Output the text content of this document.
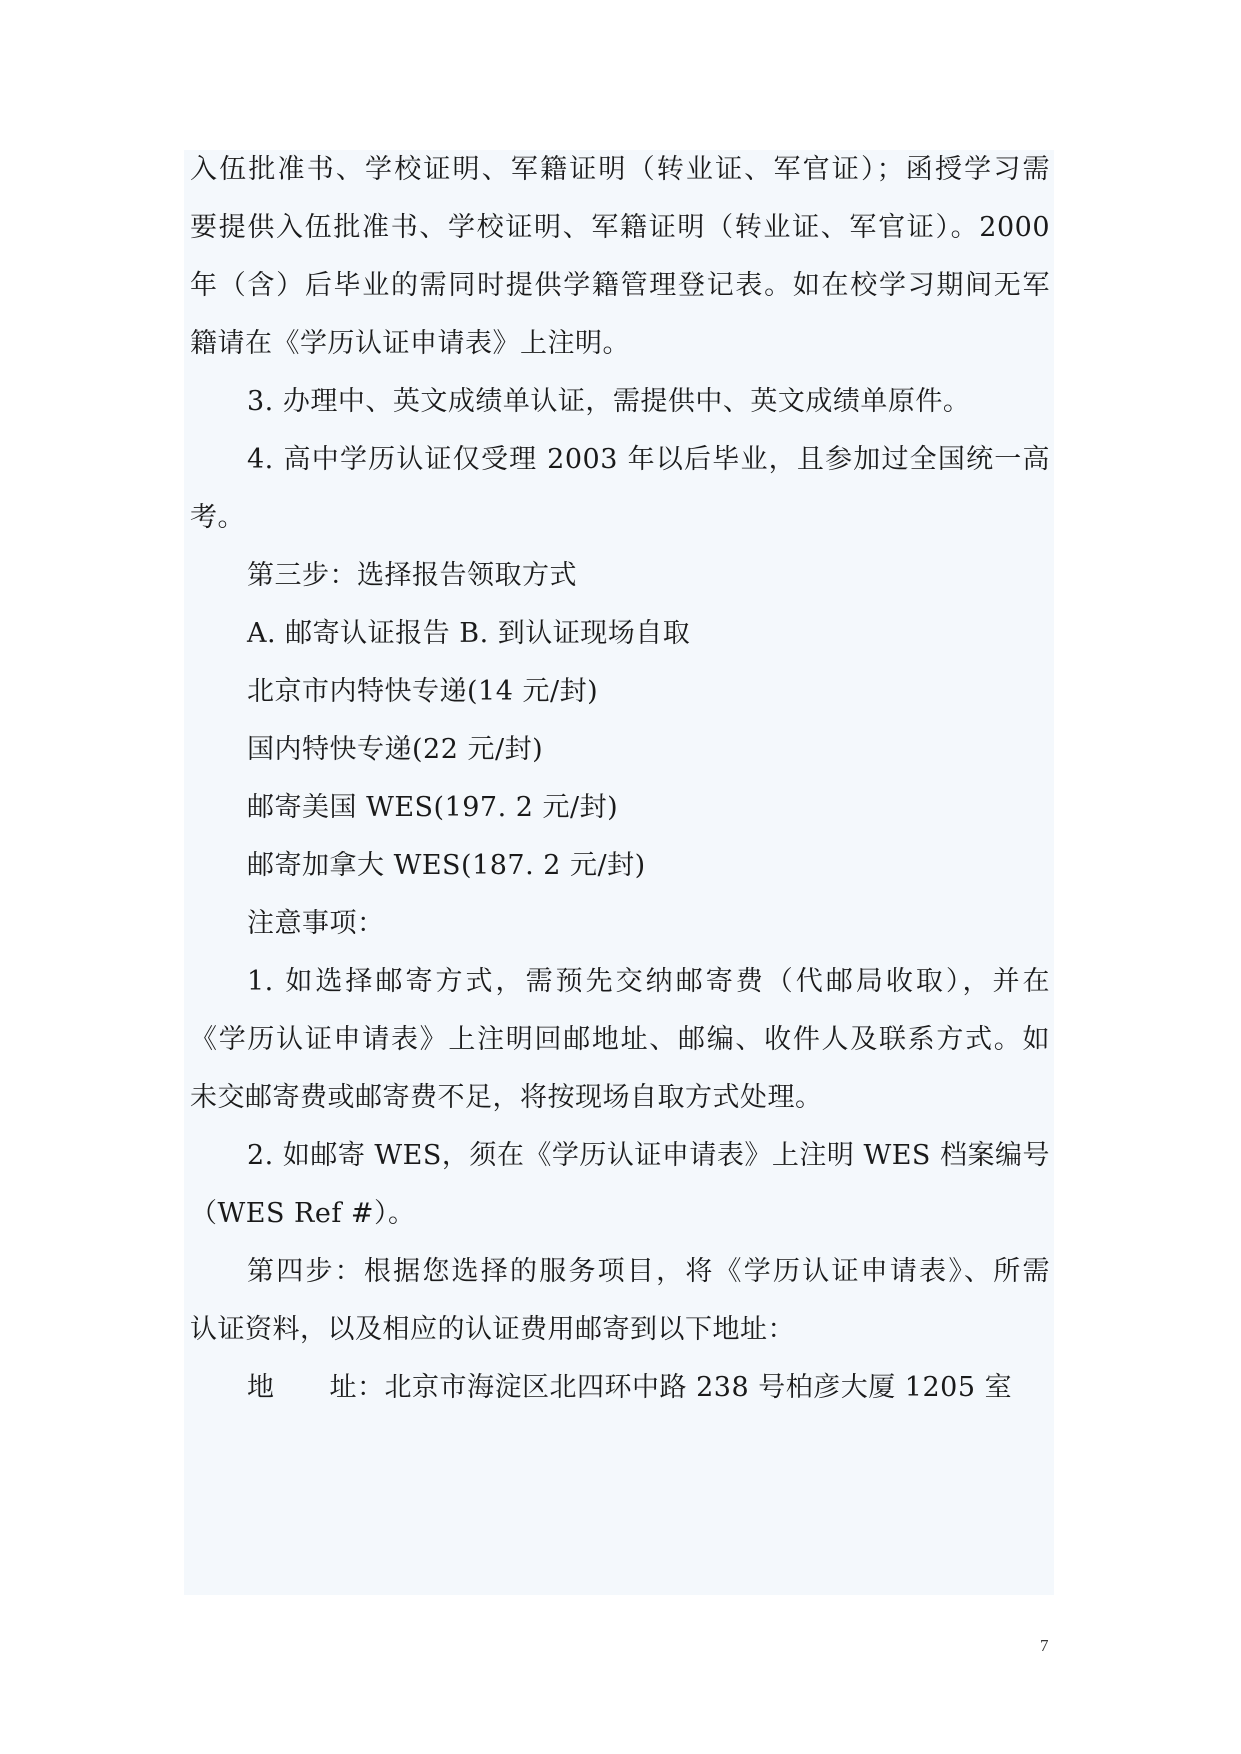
入伍批准书、学校证明、军籍证明（转业证、军官证）；函授学习需
要提供入伍批准书、学校证明、军籍证明（转业证、军官证）。2000
年（含）后毕业的需同时提供学籍管理登记表。如在校学习期间无军
籍请在《学历认证申请表》上注明。
3. 办理中、英文成绩单认证，需提供中、英文成绩单原件。
4. 高中学历认证仅受理 2003 年以后毕业，且参加过全国统一高
考。
第三步：选择报告领取方式
A. 邮寄认证报告 B. 到认证现场自取
北京市内特快专递(14 元/封)
国内特快专递(22 元/封)
邮寄美国 WES(197. 2 元/封)
邮寄加拿大 WES(187. 2 元/封)
注意事项：
1. 如选择邮寄方式，需预先交纳邮寄费（代邮局收取），并在
《学历认证申请表》上注明回邮地址、邮编、收件人及联系方式。如
未交邮寄费或邮寄费不足，将按现场自取方式处理。
2. 如邮寄 WES，须在《学历认证申请表》上注明 WES 档案编号
（WES Ref #）。
第四步：根据您选择的服务项目，将《学历认证申请表》、所需
认证资料，以及相应的认证费用邮寄到以下地址：
地　　址：北京市海淀区北四环中路 238 号柏彦大厦 1205 室
7
